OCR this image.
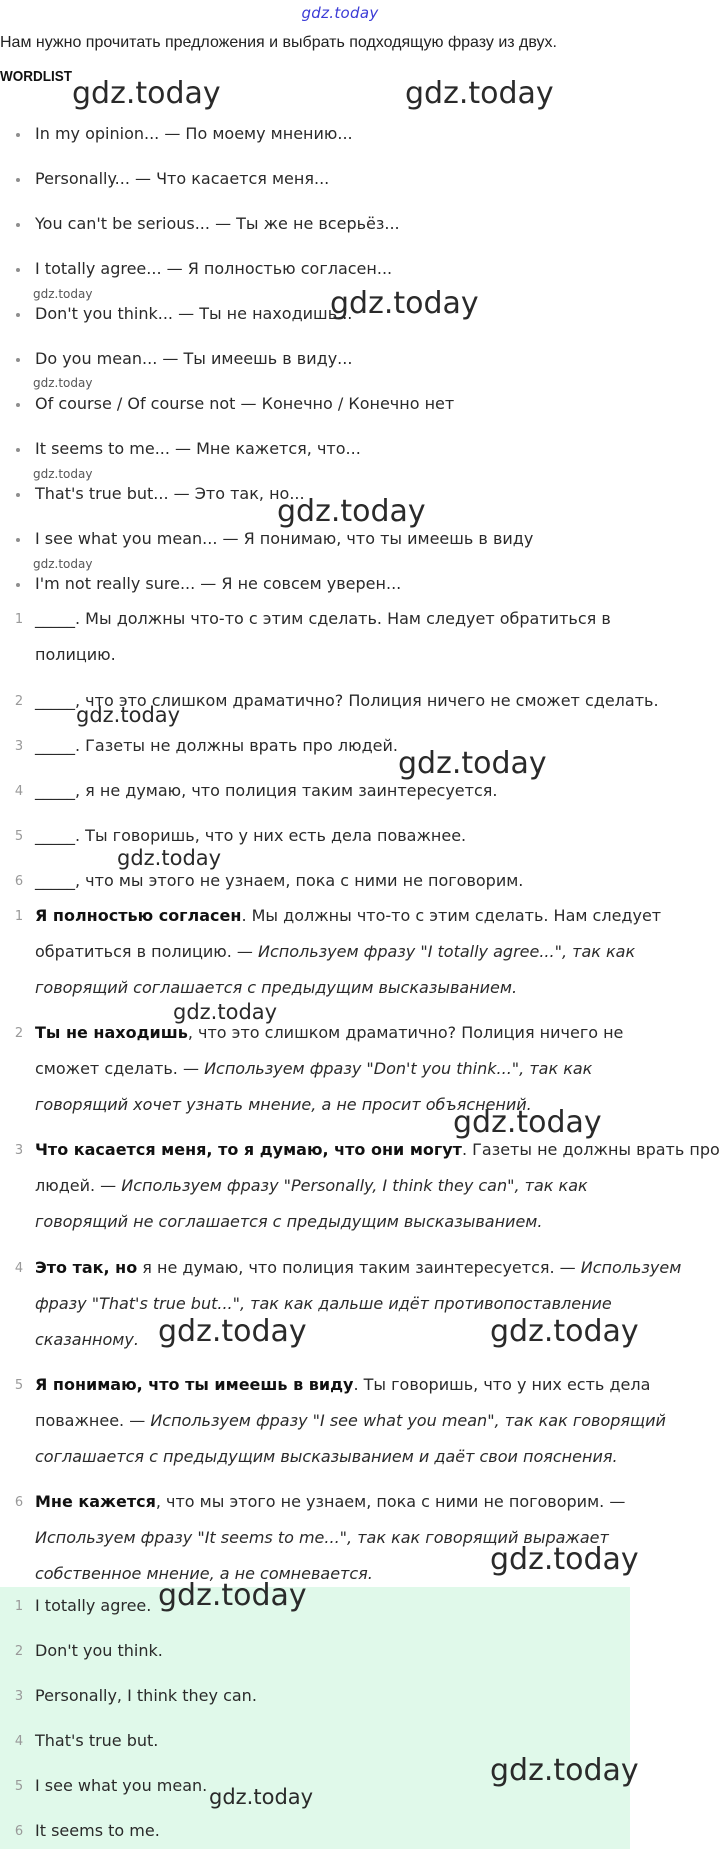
gdz.today
Нам нужно прочитать предложения и выбрать подходящую фразу из двух.
WORDLIST
In my opinion... — По моему мнению...
Personally... — Что касается меня...
You can't be serious... — Ты же не всерьёз...
I totally agree... — Я полностью согласен...
Don't you think... — Ты не находишь...
Do you mean... — Ты имеешь в виду...
Of course / Of course not — Конечно / Конечно нет
It seems to me... — Мне кажется, что...
That's true but... — Это так, но...
I see what you mean... — Я понимаю, что ты имеешь в виду
I'm not really sure... — Я не совсем уверен...
1 _____. Мы должны что-то с этим сделать. Нам следует обратиться в
полицию.
2 _____, что это слишком драматично? Полиция ничего не сможет сделать.
3 _____. Газеты не должны врать про людей.
4 _____, я не думаю, что полиция таким заинтересуется.
5 _____. Ты говоришь, что у них есть дела поважнее.
6 _____, что мы этого не узнаем, пока с ними не поговорим.
1 Я полностью согласен. Мы должны что-то с этим сделать. Нам следует
обратиться в полицию. — Используем фразу "I totally agree...", так как
говорящий соглашается с предыдущим высказыванием.
2 Ты не находишь, что это слишком драматично? Полиция ничего не
сможет сделать. — Используем фразу "Don't you think...", так как
говорящий хочет узнать мнение, а не просит объяснений.
3 Что касается меня, то я думаю, что они могут. Газеты не должны врать про
людей. — Используем фразу "Personally, I think they can", так как
говорящий не соглашается с предыдущим высказыванием.
4 Это так, но я не думаю, что полиция таким заинтересуется. — Используем
фразу "That's true but...", так как дальше идёт противопоставление
сказанному.
5 Я понимаю, что ты имеешь в виду. Ты говоришь, что у них есть дела
поважнее. — Используем фразу "I see what you mean", так как говорящий
соглашается с предыдущим высказыванием и даёт свои пояснения.
6 Мне кажется, что мы этого не узнаем, пока с ними не поговорим. —
Используем фразу "It seems to me...", так как говорящий выражает
собственное мнение, а не сомневается.
1 I totally agree.
2 Don't you think.
3 Personally, I think they can.
4 That's true but.
5 I see what you mean.
6 It seems to me.
gdz.today	gdz.today
gdz.today	gdz.today
gdz.today
gdz.today
gdz.today
gdz.today
gdz.today
gdz.today
gdz.today
gdz.today
gdz.today
gdz.today	gdz.today
gdz.today
gdz.today
gdz.today
gdz.today
